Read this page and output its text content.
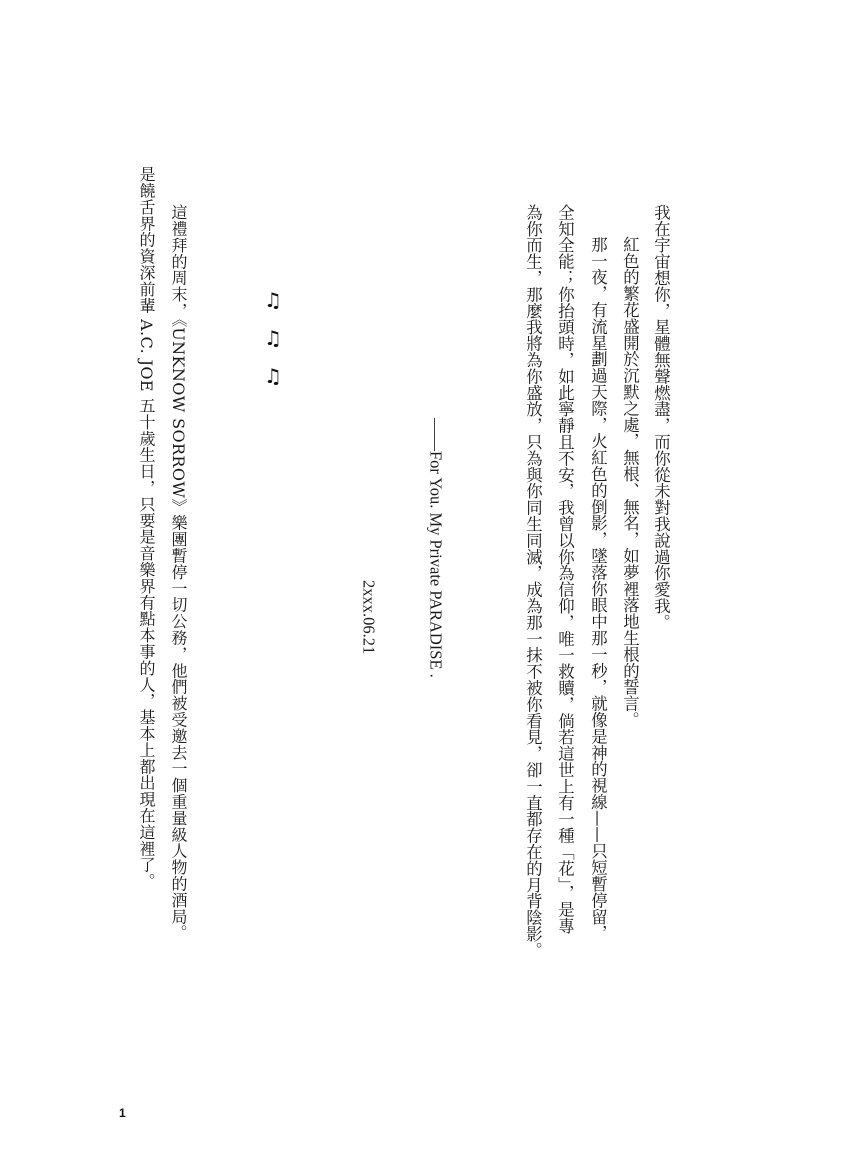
我在宇宙想你，星體無聲燃盡，而你從未對我說過你愛我。

紅色的繁花盛開於沉默之處，無根、無名，如夢裡落地生根的誓言。

那一夜，有流星劃過天際，火紅色的倒影，墜落你眼中那一秒，就像是神的視線——只短暫停留，

全知全能；你抬頭時，如此寧靜且不安，我曾以你為信仰，唯一救贖，倘若這世上有一種「花」，是專

為你而生，那麼我將為你盛放，只為與你同生同滅，成為那一抹不被你看見，卻一直都存在的月背陰影。

——For You. My Private PARADISE .

2xxx.06.21

♫
♫
♫

這禮拜的周末，《UNKNOW SORROW》樂團暫停一切公務，他們被受邀去一個重量級人物的酒局。

是饒舌界的資深前輩 A.C. JOE 五十歲生日，只要是音樂界有點本事的人，基本上都出現在這裡了。

1
